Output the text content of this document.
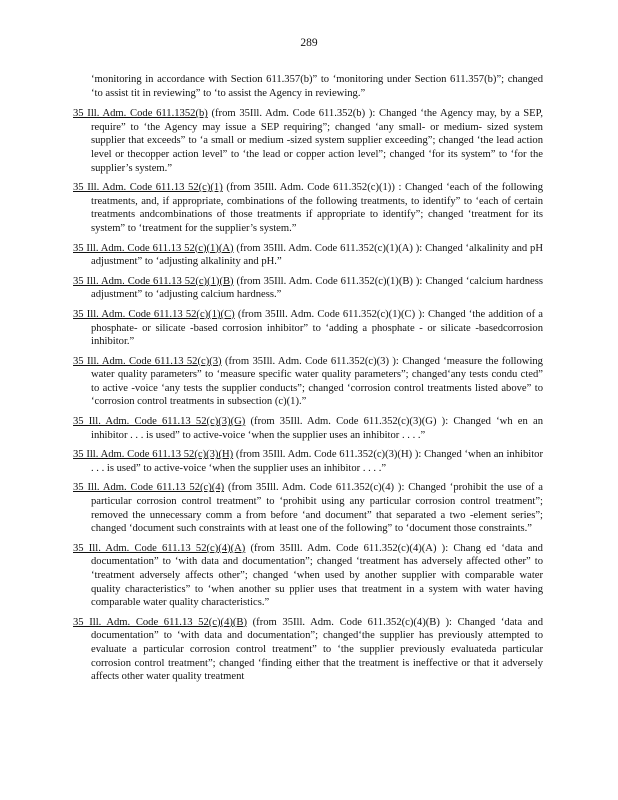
289

‘monitoring in accordance with Section 611.357(b)” to ‘monitoring under Section 611.357(b)”; changed ‘to assist tit in reviewing” to ‘to assist the Agency in reviewing.”

35 Ill. Adm. Code 611.1352(b) (from 35Ill. Adm. Code 611.352(b) ): Changed ‘the Agency may, by a SEP, require” to ‘the Agency may issue a SEP requiring”; changed ‘any small- or medium- sized system supplier that exceeds” to ‘a small or medium -sized system supplier exceeding”; changed ‘the lead action level or thecopper action level” to ‘the lead or copper action level”; changed ‘for its system” to ‘for the supplier’s system.”

35 Ill. Adm. Code 611.13 52(c)(1) (from 35Ill. Adm. Code 611.352(c)(1)) : Changed ‘each of the following treatments, and, if appropriate, combinations of the following treatments, to identify” to ‘each of certain treatments andcombinations of those treatments if appropriate to identify”; changed ‘treatment for its system” to ‘treatment for the supplier’s system.”

35 Ill. Adm. Code 611.13 52(c)(1)(A) (from 35Ill. Adm. Code 611.352(c)(1)(A) ): Changed ‘alkalinity and pH adjustment” to ‘adjusting alkalinity and pH.”

35 Ill. Adm. Code 611.13 52(c)(1)(B) (from 35Ill. Adm. Code 611.352(c)(1)(B) ): Changed ‘calcium hardness adjustment” to ‘adjusting calcium hardness.”

35 Ill. Adm. Code 611.13 52(c)(1)(C) (from 35Ill. Adm. Code 611.352(c)(1)(C) ): Changed ‘the addition of a phosphate- or silicate -based corrosion inhibitor” to ‘adding a phosphate - or silicate -basedcorrosion inhibitor.”

35 Ill. Adm. Code 611.13 52(c)(3) (from 35Ill. Adm. Code 611.352(c)(3) ): Changed ‘measure the following water quality parameters” to ‘measure specific water quality parameters”; changed‘any tests condu cted” to active -voice ‘any tests the supplier conducts”; changed ‘corrosion control treatments listed above” to ‘corrosion control treatments in subsection (c)(1).”

35 Ill. Adm. Code 611.13 52(c)(3)(G) (from 35Ill. Adm. Code 611.352(c)(3)(G) ): Changed ‘wh en an inhibitor . . . is used” to active-voice ‘when the supplier uses an inhibitor . . . .”

35 Ill. Adm. Code 611.13 52(c)(3)(H) (from 35Ill. Adm. Code 611.352(c)(3)(H) ): Changed ‘when an inhibitor . . . is used” to active-voice ‘when the supplier uses an inhibitor . . . .”

35 Ill. Adm. Code 611.13 52(c)(4) (from 35Ill. Adm. Code 611.352(c)(4) ): Changed ‘prohibit the use of a particular corrosion control treatment” to ‘prohibit using any particular corrosion control treatment”; removed the unnecessary comm a from before ‘and document” that separated a two -element series”; changed ‘document such constraints with at least one of the following” to ‘document those constraints.”

35 Ill. Adm. Code 611.13 52(c)(4)(A) (from 35Ill. Adm. Code 611.352(c)(4)(A) ): Chang ed ‘data and documentation” to ‘with data and documentation”; changed ‘treatment has adversely affected other” to ‘treatment adversely affects other”; changed ‘when used by another supplier with comparable water quality characteristics” to ‘when another su pplier uses that treatment in a system with water having comparable water quality characteristics.”

35 Ill. Adm. Code 611.13 52(c)(4)(B) (from 35Ill. Adm. Code 611.352(c)(4)(B) ): Changed ‘data and documentation” to ‘with data and documentation”; changed‘the supplier has previously attempted to evaluate a particular corrosion control treatment” to ‘the supplier previously evaluateda particular corrosion control treatment”; changed ‘finding either that the treatment is ineffective or that it adversely affects other water quality treatment
